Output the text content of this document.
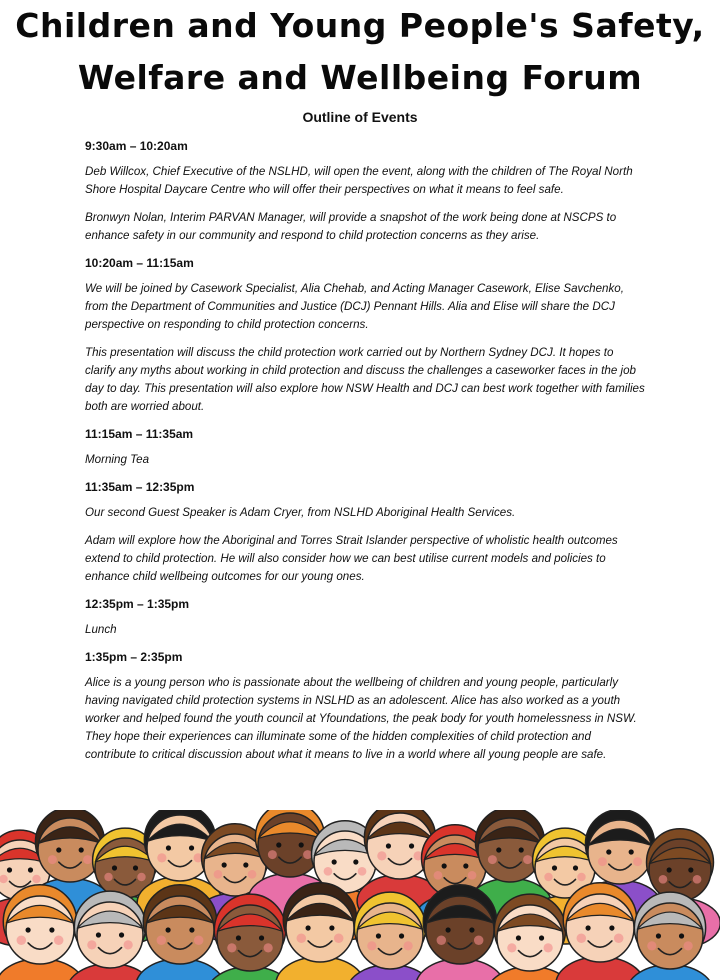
Children and Young People's Safety,
Welfare and Wellbeing Forum
Outline of Events
9:30am – 10:20am
Deb Willcox, Chief Executive of the NSLHD, will open the event, along with the children of The Royal North Shore Hospital Daycare Centre who will offer their perspectives on what it means to feel safe.
Bronwyn Nolan, Interim PARVAN Manager, will provide a snapshot of the work being done at NSCPS to enhance safety in our community and respond to child protection concerns as they arise.
10:20am – 11:15am
We will be joined by Casework Specialist, Alia Chehab, and Acting Manager Casework, Elise Savchenko, from the Department of Communities and Justice (DCJ) Pennant Hills. Alia and Elise will share the DCJ perspective on responding to child protection concerns.
This presentation will discuss the child protection work carried out by Northern Sydney DCJ. It hopes to clarify any myths about working in child protection and discuss the challenges a caseworker faces in the job day to day. This presentation will also explore how NSW Health and DCJ can best work together with families both are worried about.
11:15am – 11:35am
Morning Tea
11:35am – 12:35pm
Our second Guest Speaker is Adam Cryer, from NSLHD Aboriginal Health Services.
Adam will explore how the Aboriginal and Torres Strait Islander perspective of wholistic health outcomes extend to child protection. He will also consider how we can best utilise current models and policies to enhance child wellbeing outcomes for our young ones.
12:35pm – 1:35pm
Lunch
1:35pm – 2:35pm
Alice is a young person who is passionate about the wellbeing of children and young people, particularly having navigated child protection systems in NSLHD as an adolescent. Alice has also worked as a youth worker and helped found the youth council at Yfoundations, the peak body for youth homelessness in NSW. They hope their experiences can illuminate some of the hidden complexities of child protection and contribute to critical discussion about what it means to live in a world where all young people are safe.
